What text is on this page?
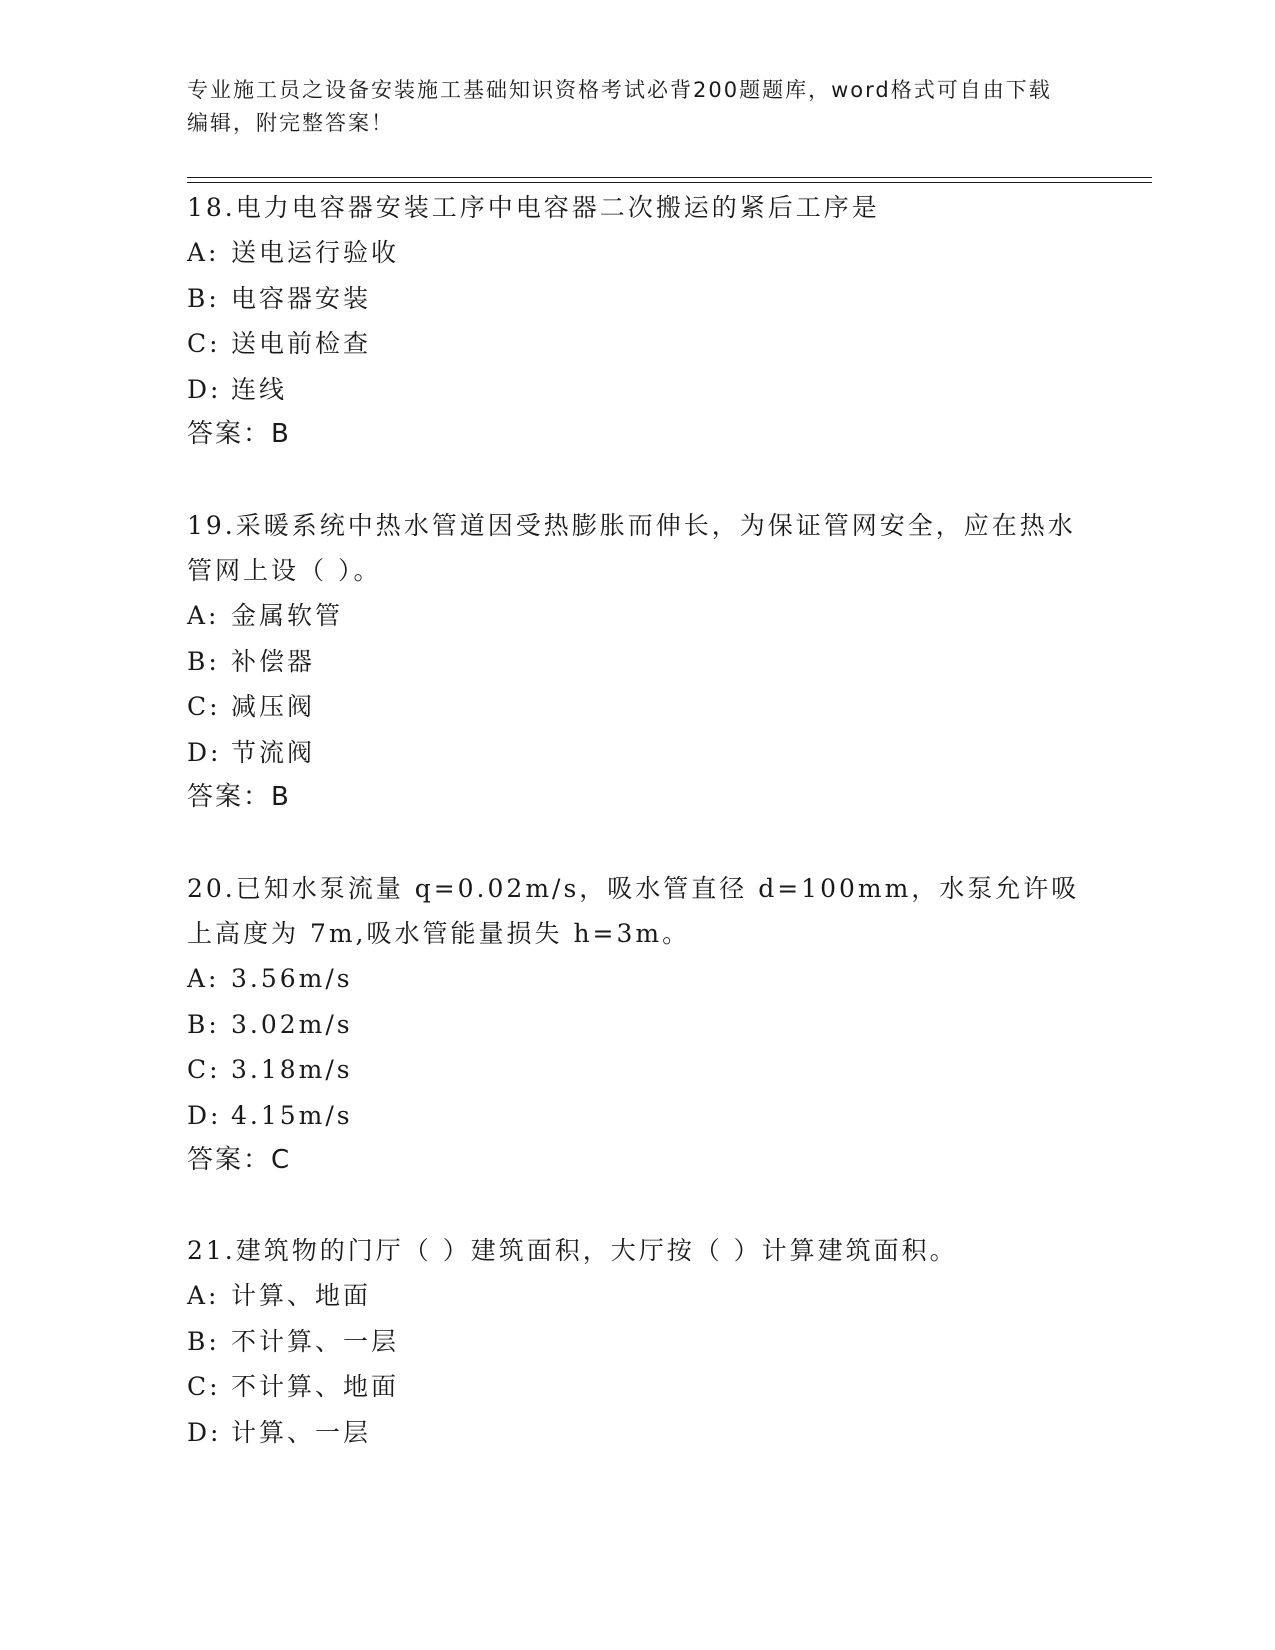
专业施工员之设备安装施工基础知识资格考试必背200题题库，word格式可自由下载编辑，附完整答案！

18.电力电容器安装工序中电容器二次搬运的紧后工序是

A: 送电运行验收

B: 电容器安装

C: 送电前检查

D: 连线

答案：B

19.采暖系统中热水管道因受热膨胀而伸长，为保证管网安全，应在热水管网上设（ ）。

A: 金属软管

B: 补偿器

C: 减压阀

D: 节流阀

答案：B

20.已知水泵流量 q=0.02m/s，吸水管直径 d=100mm，水泵允许吸上高度为 7m,吸水管能量损失 h=3m。

A: 3.56m/s

B: 3.02m/s

C: 3.18m/s

D: 4.15m/s

答案：C

21.建筑物的门厅（ ）建筑面积，大厅按（ ）计算建筑面积。

A: 计算、地面

B: 不计算、一层

C: 不计算、地面

D: 计算、一层
